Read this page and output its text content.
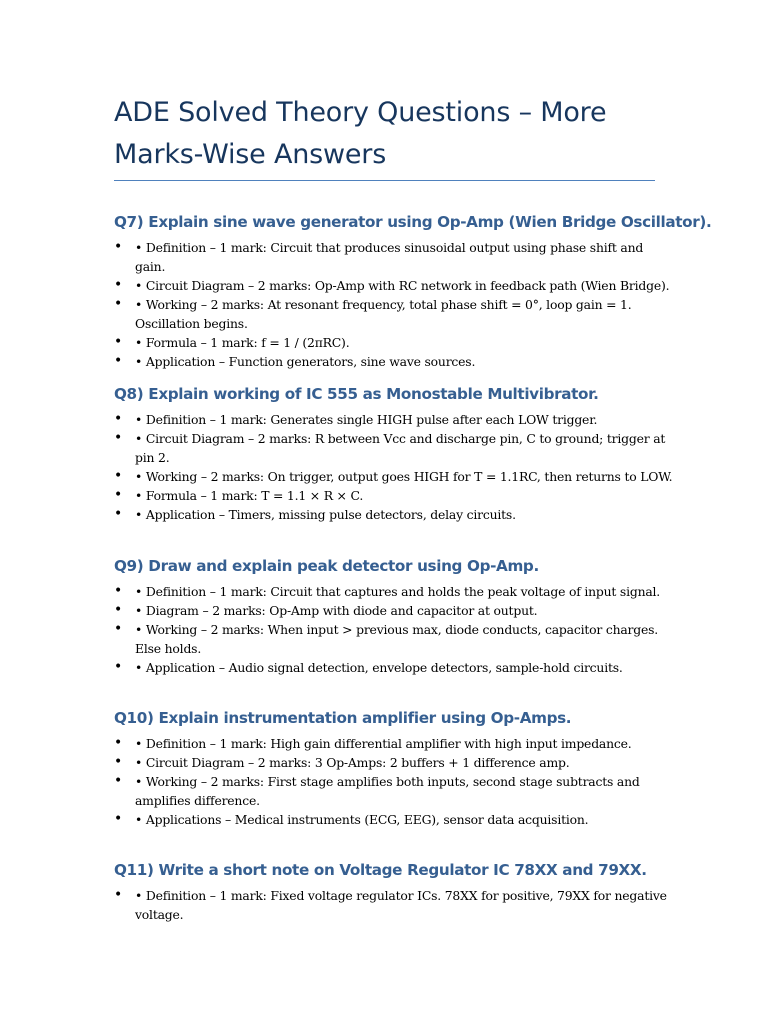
ADE Solved Theory Questions – More Marks-Wise Answers
Q7) Explain sine wave generator using Op-Amp (Wien Bridge Oscillator).
• • Definition – 1 mark: Circuit that produces sinusoidal output using phase shift and gain.
• • Circuit Diagram – 2 marks: Op-Amp with RC network in feedback path (Wien Bridge).
• • Working – 2 marks: At resonant frequency, total phase shift = 0°, loop gain = 1. Oscillation begins.
• • Formula – 1 mark: f = 1 / (2πRC).
• • Application – Function generators, sine wave sources.
Q8) Explain working of IC 555 as Monostable Multivibrator.
• • Definition – 1 mark: Generates single HIGH pulse after each LOW trigger.
• • Circuit Diagram – 2 marks: R between Vcc and discharge pin, C to ground; trigger at pin 2.
• • Working – 2 marks: On trigger, output goes HIGH for T = 1.1RC, then returns to LOW.
• • Formula – 1 mark: T = 1.1 × R × C.
• • Application – Timers, missing pulse detectors, delay circuits.
Q9) Draw and explain peak detector using Op-Amp.
• • Definition – 1 mark: Circuit that captures and holds the peak voltage of input signal.
• • Diagram – 2 marks: Op-Amp with diode and capacitor at output.
• • Working – 2 marks: When input > previous max, diode conducts, capacitor charges. Else holds.
• • Application – Audio signal detection, envelope detectors, sample-hold circuits.
Q10) Explain instrumentation amplifier using Op-Amps.
• • Definition – 1 mark: High gain differential amplifier with high input impedance.
• • Circuit Diagram – 2 marks: 3 Op-Amps: 2 buffers + 1 difference amp.
• • Working – 2 marks: First stage amplifies both inputs, second stage subtracts and amplifies difference.
• • Applications – Medical instruments (ECG, EEG), sensor data acquisition.
Q11) Write a short note on Voltage Regulator IC 78XX and 79XX.
• • Definition – 1 mark: Fixed voltage regulator ICs. 78XX for positive, 79XX for negative voltage.
